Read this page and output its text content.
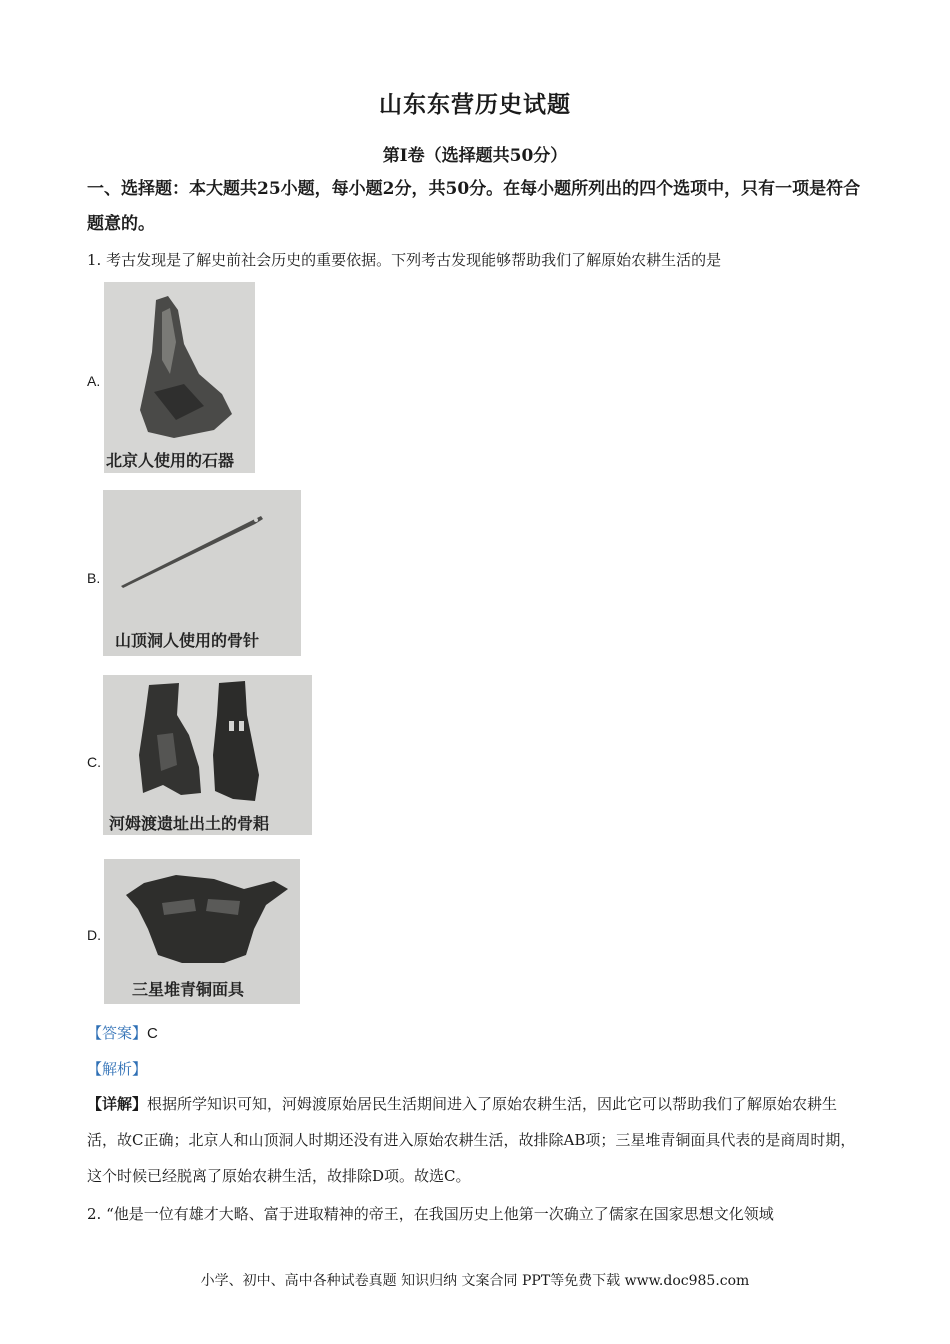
山东东营历史试题
第Ⅰ卷（选择题共50分）
一、选择题：本大题共25小题，每小题2分，共50分。在每小题所列出的四个选项中，只有一项是符合题意的。
1. 考古发现是了解史前社会历史的重要依据。下列考古发现能够帮助我们了解原始农耕生活的是
A.
北京人使用的石器
B.
山顶洞人使用的骨针
C.
河姆渡遗址出土的骨耜
D.
三星堆青铜面具
【答案】C
【解析】
【详解】根据所学知识可知，河姆渡原始居民生活期间进入了原始农耕生活，因此它可以帮助我们了解原始农耕生活，故C正确；北京人和山顶洞人时期还没有进入原始农耕生活，故排除AB项；三星堆青铜面具代表的是商周时期，这个时候已经脱离了原始农耕生活，故排除D项。故选C。
2. “他是一位有雄才大略、富于进取精神的帝王，在我国历史上他第一次确立了儒家在国家思想文化领域
小学、初中、高中各种试卷真题 知识归纳 文案合同 PPT等免费下载 www.doc985.com
